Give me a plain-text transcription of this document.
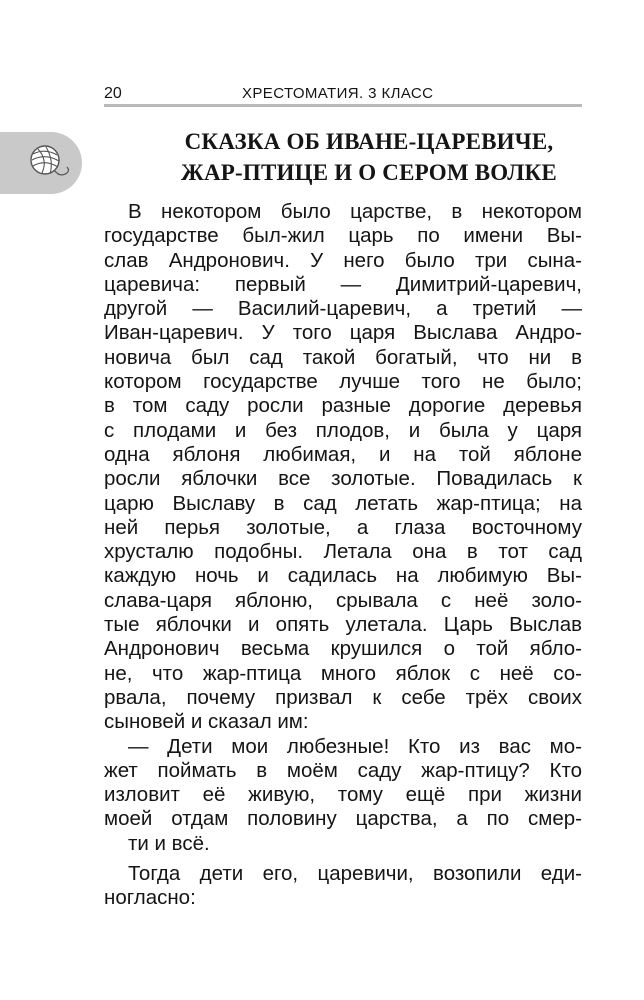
20	ХРЕСТОМАТИЯ. 3 КЛАСС
СКАЗКА ОБ ИВАНЕ-ЦАРЕВИЧЕ,
ЖАР-ПТИЦЕ И О СЕРОМ ВОЛКЕ
В некотором было царстве, в некотором
государстве был-жил царь по имени Вы-
слав Андронович. У него было три сына-
царевича: первый — Димитрий-царевич,
другой — Василий-царевич, а третий —
Иван-царевич. У того царя Выслава Андро-
новича был сад такой богатый, что ни в
котором государстве лучше того не было;
в том саду росли разные дорогие деревья
с плодами и без плодов, и была у царя
одна яблоня любимая, и на той яблоне
росли яблочки все золотые. Повадилась к
царю Выславу в сад летать жар-птица; на
ней перья золотые, а глаза восточному
хрусталю подобны. Летала она в тот сад
каждую ночь и садилась на любимую Вы-
слава-царя яблоню, срывала с неё золо-
тые яблочки и опять улетала. Царь Выслав
Андронович весьма крушился о той ябло-
не, что жар-птица много яблок с неё со-
рвала, почему призвал к себе трёх своих
сыновей и сказал им:
— Дети мои любезные! Кто из вас мо-
жет поймать в моём саду жар-птицу? Кто
изловит её живую, тому ещё при жизни
моей отдам половину царства, а по смер-
ти и всё.
Тогда дети его, царевичи, возопили еди-
ногласно:
